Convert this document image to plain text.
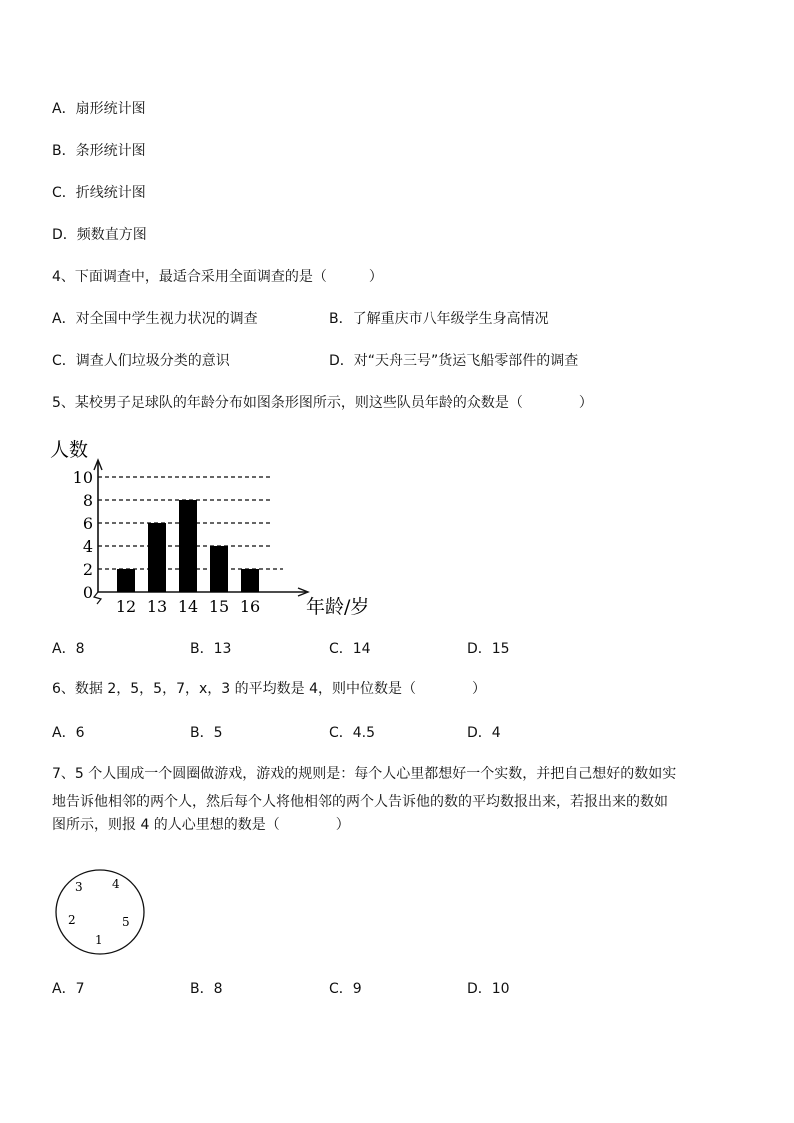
A．扇形统计图
B．条形统计图
C．折线统计图
D．频数直方图
4、下面调查中，最适合采用全面调查的是（　　　）
A．对全国中学生视力状况的调查	B．了解重庆市八年级学生身高情况
C．调查人们垃圾分类的意识	D．对“天舟三号”货运飞船零部件的调查
5、某校男子足球队的年龄分布如图条形图所示，则这些队员年龄的众数是（　　　　）
人数
年龄/岁
0
2
4
6
8
10
12 13 14 15 16
A．8	B．13	C．14	D．15
6、数据 2，5，5，7，x，3 的平均数是 4，则中位数是（　　　　）
A．6	B．5	C．4.5	D．4
7、5 个人围成一个圆圈做游戏，游戏的规则是：每个人心里都想好一个实数，并把自己想好的数如实
地告诉他相邻的两个人，然后每个人将他相邻的两个人告诉他的数的平均数报出来，若报出来的数如
图所示，则报 4 的人心里想的数是（　　　　）
3 4
2	5
1
A．7	B．8	C．9	D．10
